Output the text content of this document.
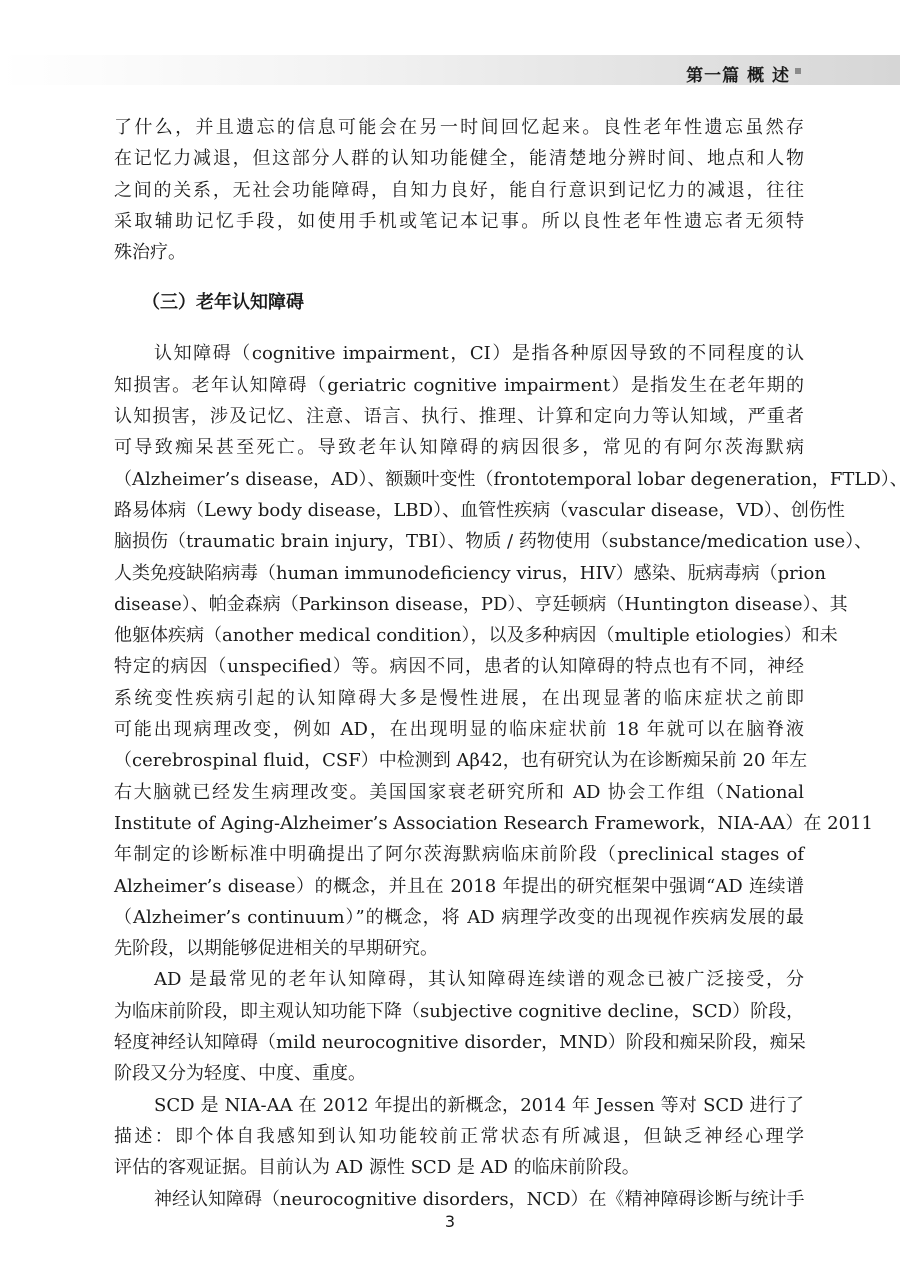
第一篇 概 述
了什么，并且遗忘的信息可能会在另一时间回忆起来。良性老年性遗忘虽然存
在记忆力减退，但这部分人群的认知功能健全，能清楚地分辨时间、地点和人物
之间的关系，无社会功能障碍，自知力良好，能自行意识到记忆力的减退，往往
采取辅助记忆手段，如使用手机或笔记本记事。所以良性老年性遗忘者无须特
殊治疗。
（三）老年认知障碍
认知障碍（cognitive impairment，CI）是指各种原因导致的不同程度的认
知损害。老年认知障碍（geriatric cognitive impairment）是指发生在老年期的
认知损害，涉及记忆、注意、语言、执行、推理、计算和定向力等认知域，严重者
可导致痴呆甚至死亡。导致老年认知障碍的病因很多，常见的有阿尔茨海默病
（Alzheimer’s disease，AD）、额颞叶变性（frontotemporal lobar degeneration，FTLD）、
路易体病（Lewy body disease，LBD）、血管性疾病（vascular disease，VD）、创伤性
脑损伤（traumatic brain injury，TBI）、物质 / 药物使用（substance/medication use）、
人类免疫缺陷病毒（human immunodeficiency virus，HIV）感染、朊病毒病（prion
disease）、帕金森病（Parkinson disease，PD）、亨廷顿病（Huntington disease）、其
他躯体疾病（another medical condition），以及多种病因（multiple etiologies）和未
特定的病因（unspecified）等。病因不同，患者的认知障碍的特点也有不同，神经
系统变性疾病引起的认知障碍大多是慢性进展，在出现显著的临床症状之前即
可能出现病理改变，例如 AD，在出现明显的临床症状前 18 年就可以在脑脊液
（cerebrospinal fluid，CSF）中检测到 Aβ42，也有研究认为在诊断痴呆前 20 年左
右大脑就已经发生病理改变。美国国家衰老研究所和 AD 协会工作组（National
Institute of Aging-Alzheimer’s Association Research Framework，NIA-AA）在 2011
年制定的诊断标准中明确提出了阿尔茨海默病临床前阶段（preclinical stages of
Alzheimer’s disease）的概念，并且在 2018 年提出的研究框架中强调“AD 连续谱
（Alzheimer’s continuum）”的概念，将 AD 病理学改变的出现视作疾病发展的最
先阶段，以期能够促进相关的早期研究。
AD 是最常见的老年认知障碍，其认知障碍连续谱的观念已被广泛接受，分
为临床前阶段，即主观认知功能下降（subjective cognitive decline，SCD）阶段，
轻度神经认知障碍（mild neurocognitive disorder，MND）阶段和痴呆阶段，痴呆
阶段又分为轻度、中度、重度。
SCD 是 NIA-AA 在 2012 年提出的新概念，2014 年 Jessen 等对 SCD 进行了
描述：即个体自我感知到认知功能较前正常状态有所减退，但缺乏神经心理学
评估的客观证据。目前认为 AD 源性 SCD 是 AD 的临床前阶段。
神经认知障碍（neurocognitive disorders，NCD）在《精神障碍诊断与统计手
3
